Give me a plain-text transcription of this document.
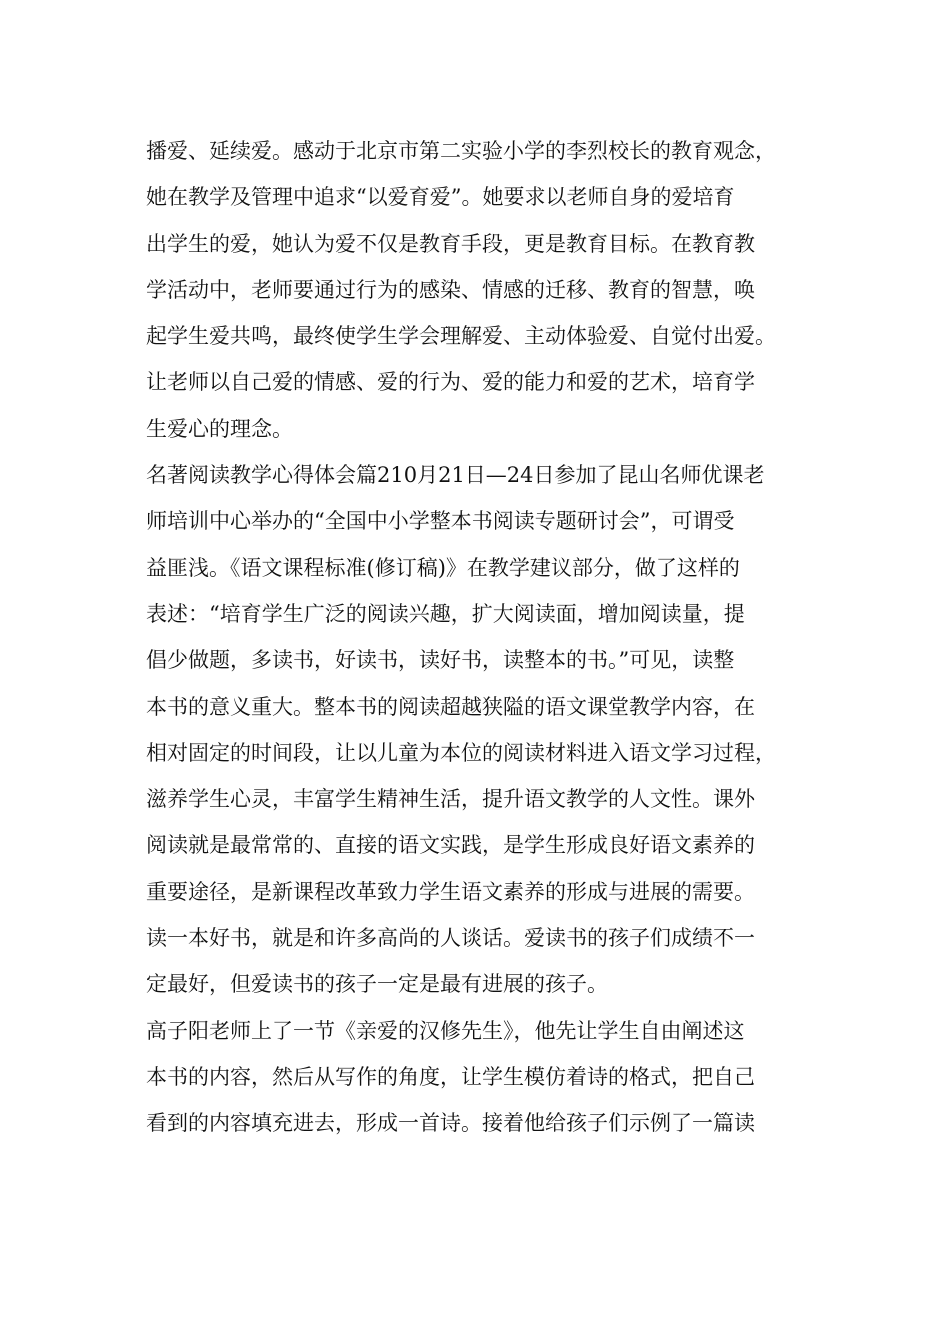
播爱、延续爱。感动于北京市第二实验小学的李烈校长的教育观念，
她在教学及管理中追求“以爱育爱”。她要求以老师自身的爱培育
出学生的爱，她认为爱不仅是教育手段，更是教育目标。在教育教
学活动中，老师要通过行为的感染、情感的迁移、教育的智慧，唤
起学生爱共鸣，最终使学生学会理解爱、主动体验爱、自觉付出爱。
让老师以自己爱的情感、爱的行为、爱的能力和爱的艺术，培育学
生爱心的理念。
名著阅读教学心得体会篇210月21日—24日参加了昆山名师优课老
师培训中心举办的“全国中小学整本书阅读专题研讨会”，可谓受
益匪浅。《语文课程标准(修订稿)》在教学建议部分，做了这样的
表述：“培育学生广泛的阅读兴趣，扩大阅读面，增加阅读量，提
倡少做题，多读书，好读书，读好书，读整本的书。”可见，读整
本书的意义重大。整本书的阅读超越狭隘的语文课堂教学内容，在
相对固定的时间段，让以儿童为本位的阅读材料进入语文学习过程，
滋养学生心灵，丰富学生精神生活，提升语文教学的人文性。课外
阅读就是最常常的、直接的语文实践，是学生形成良好语文素养的
重要途径，是新课程改革致力学生语文素养的形成与进展的需要。
读一本好书，就是和许多高尚的人谈话。爱读书的孩子们成绩不一
定最好，但爱读书的孩子一定是最有进展的孩子。
高子阳老师上了一节《亲爱的汉修先生》，他先让学生自由阐述这
本书的内容，然后从写作的角度，让学生模仿着诗的格式，把自己
看到的内容填充进去，形成一首诗。接着他给孩子们示例了一篇读
